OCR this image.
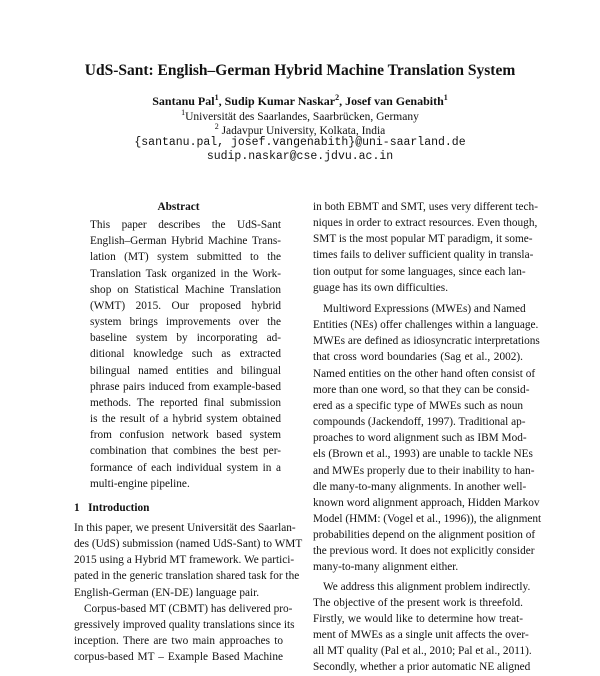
UdS-Sant: English–German Hybrid Machine Translation System
Santanu Pal$^1$, Sudip Kumar Naskar$^2$, Josef van Genabith$^1$
$^1$Universität des Saarlandes, Saarbrücken, Germany
$^2$ Jadavpur University, Kolkata, India
{santanu.pal, josef.vangenabith}@uni-saarland.de
sudip.naskar@cse.jdvu.ac.in
Abstract
This paper describes the UdS-Sant
English–German Hybrid Machine Trans-
lation (MT) system submitted to the
Translation Task organized in the Work-
shop on Statistical Machine Translation
(WMT) 2015. Our proposed hybrid
system brings improvements over the
baseline system by incorporating ad-
ditional knowledge such as extracted
bilingual named entities and bilingual
phrase pairs induced from example-based
methods. The reported final submission
is the result of a hybrid system obtained
from confusion network based system
combination that combines the best per-
formance of each individual system in a
multi-engine pipeline.
1 Introduction
In this paper, we present Universität des Saarlan-
des (UdS) submission (named UdS-Sant) to WMT
2015 using a Hybrid MT framework. We partici-
pated in the generic translation shared task for the
English-German (EN-DE) language pair.
Corpus-based MT (CBMT) has delivered pro-
gressively improved quality translations since its
inception. There are two main approaches to
corpus-based MT – Example Based Machine
in both EBMT and SMT, uses very different tech-
niques in order to extract resources. Even though,
SMT is the most popular MT paradigm, it some-
times fails to deliver sufficient quality in transla-
tion output for some languages, since each lan-
guage has its own difficulties.
Multiword Expressions (MWEs) and Named
Entities (NEs) offer challenges within a language.
MWEs are defined as idiosyncratic interpretations
that cross word boundaries (Sag et al., 2002).
Named entities on the other hand often consist of
more than one word, so that they can be consid-
ered as a specific type of MWEs such as noun
compounds (Jackendoff, 1997). Traditional ap-
proaches to word alignment such as IBM Mod-
els (Brown et al., 1993) are unable to tackle NEs
and MWEs properly due to their inability to han-
dle many-to-many alignments. In another well-
known word alignment approach, Hidden Markov
Model (HMM: (Vogel et al., 1996)), the alignment
probabilities depend on the alignment position of
the previous word. It does not explicitly consider
many-to-many alignment either.
We address this alignment problem indirectly.
The objective of the present work is threefold.
Firstly, we would like to determine how treat-
ment of MWEs as a single unit affects the over-
all MT quality (Pal et al., 2010; Pal et al., 2011).
Secondly, whether a prior automatic NE aligned
